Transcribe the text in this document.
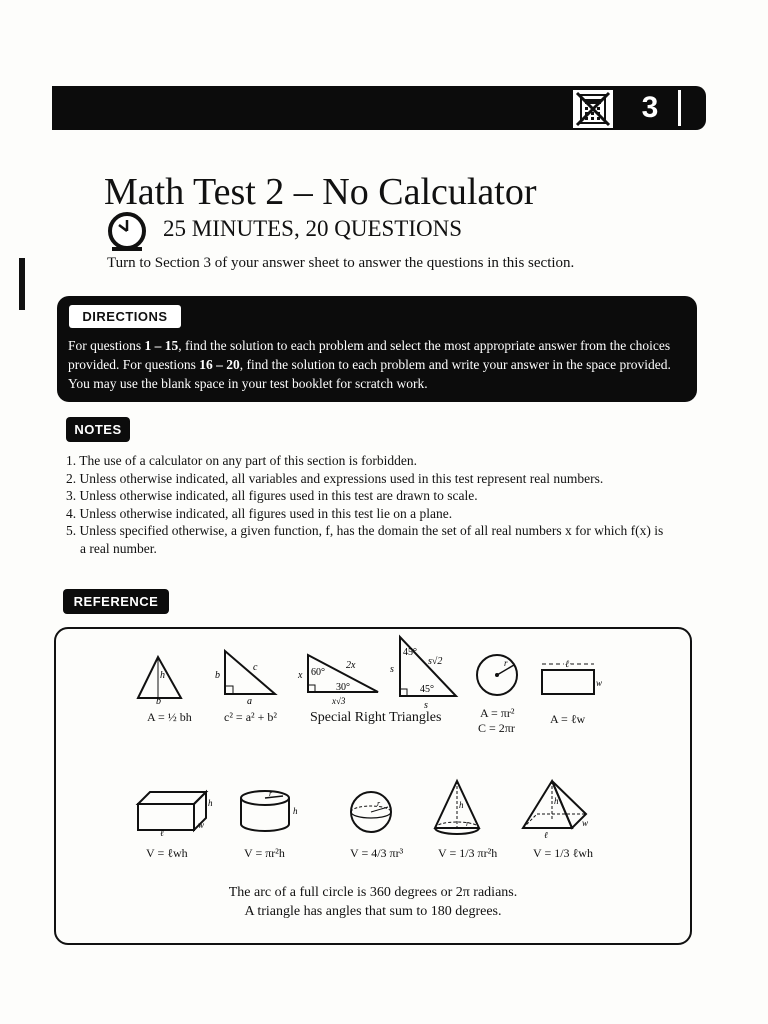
3
Math Test 2 – No Calculator
25 MINUTES, 20 QUESTIONS
Turn to Section 3 of your answer sheet to answer the questions in this section.
DIRECTIONS
For questions 1 – 15, find the solution to each problem and select the most appropriate answer from the choices provided. For questions 16 – 20, find the solution to each problem and write your answer in the space provided. You may use the blank space in your test booklet for scratch work.
NOTES
1. The use of a calculator on any part of this section is forbidden.
2. Unless otherwise indicated, all variables and expressions used in this test represent real numbers.
3. Unless otherwise indicated, all figures used in this test are drawn to scale.
4. Unless otherwise indicated, all figures used in this test lie on a plane.
5. Unless specified otherwise, a given function, f, has the domain the set of all real numbers x for which f(x) is a real number.
REFERENCE
h
b
A = ½ bh
b
c
a
c² = a² + b²
60°
30°
2x
x
x√3
45°
45°
s√2
s
s
Special Right Triangles
r
A = πr²
C = 2πr
ℓ
w
A = ℓw
h
ℓ
w
V = ℓwh
r
h
V = πr²h
r
V = 4/3 πr³
h
r
V = 1/3 πr²h
h
ℓ
w
V = 1/3 ℓwh
The arc of a full circle is 360 degrees or 2π radians.
A triangle has angles that sum to 180 degrees.
